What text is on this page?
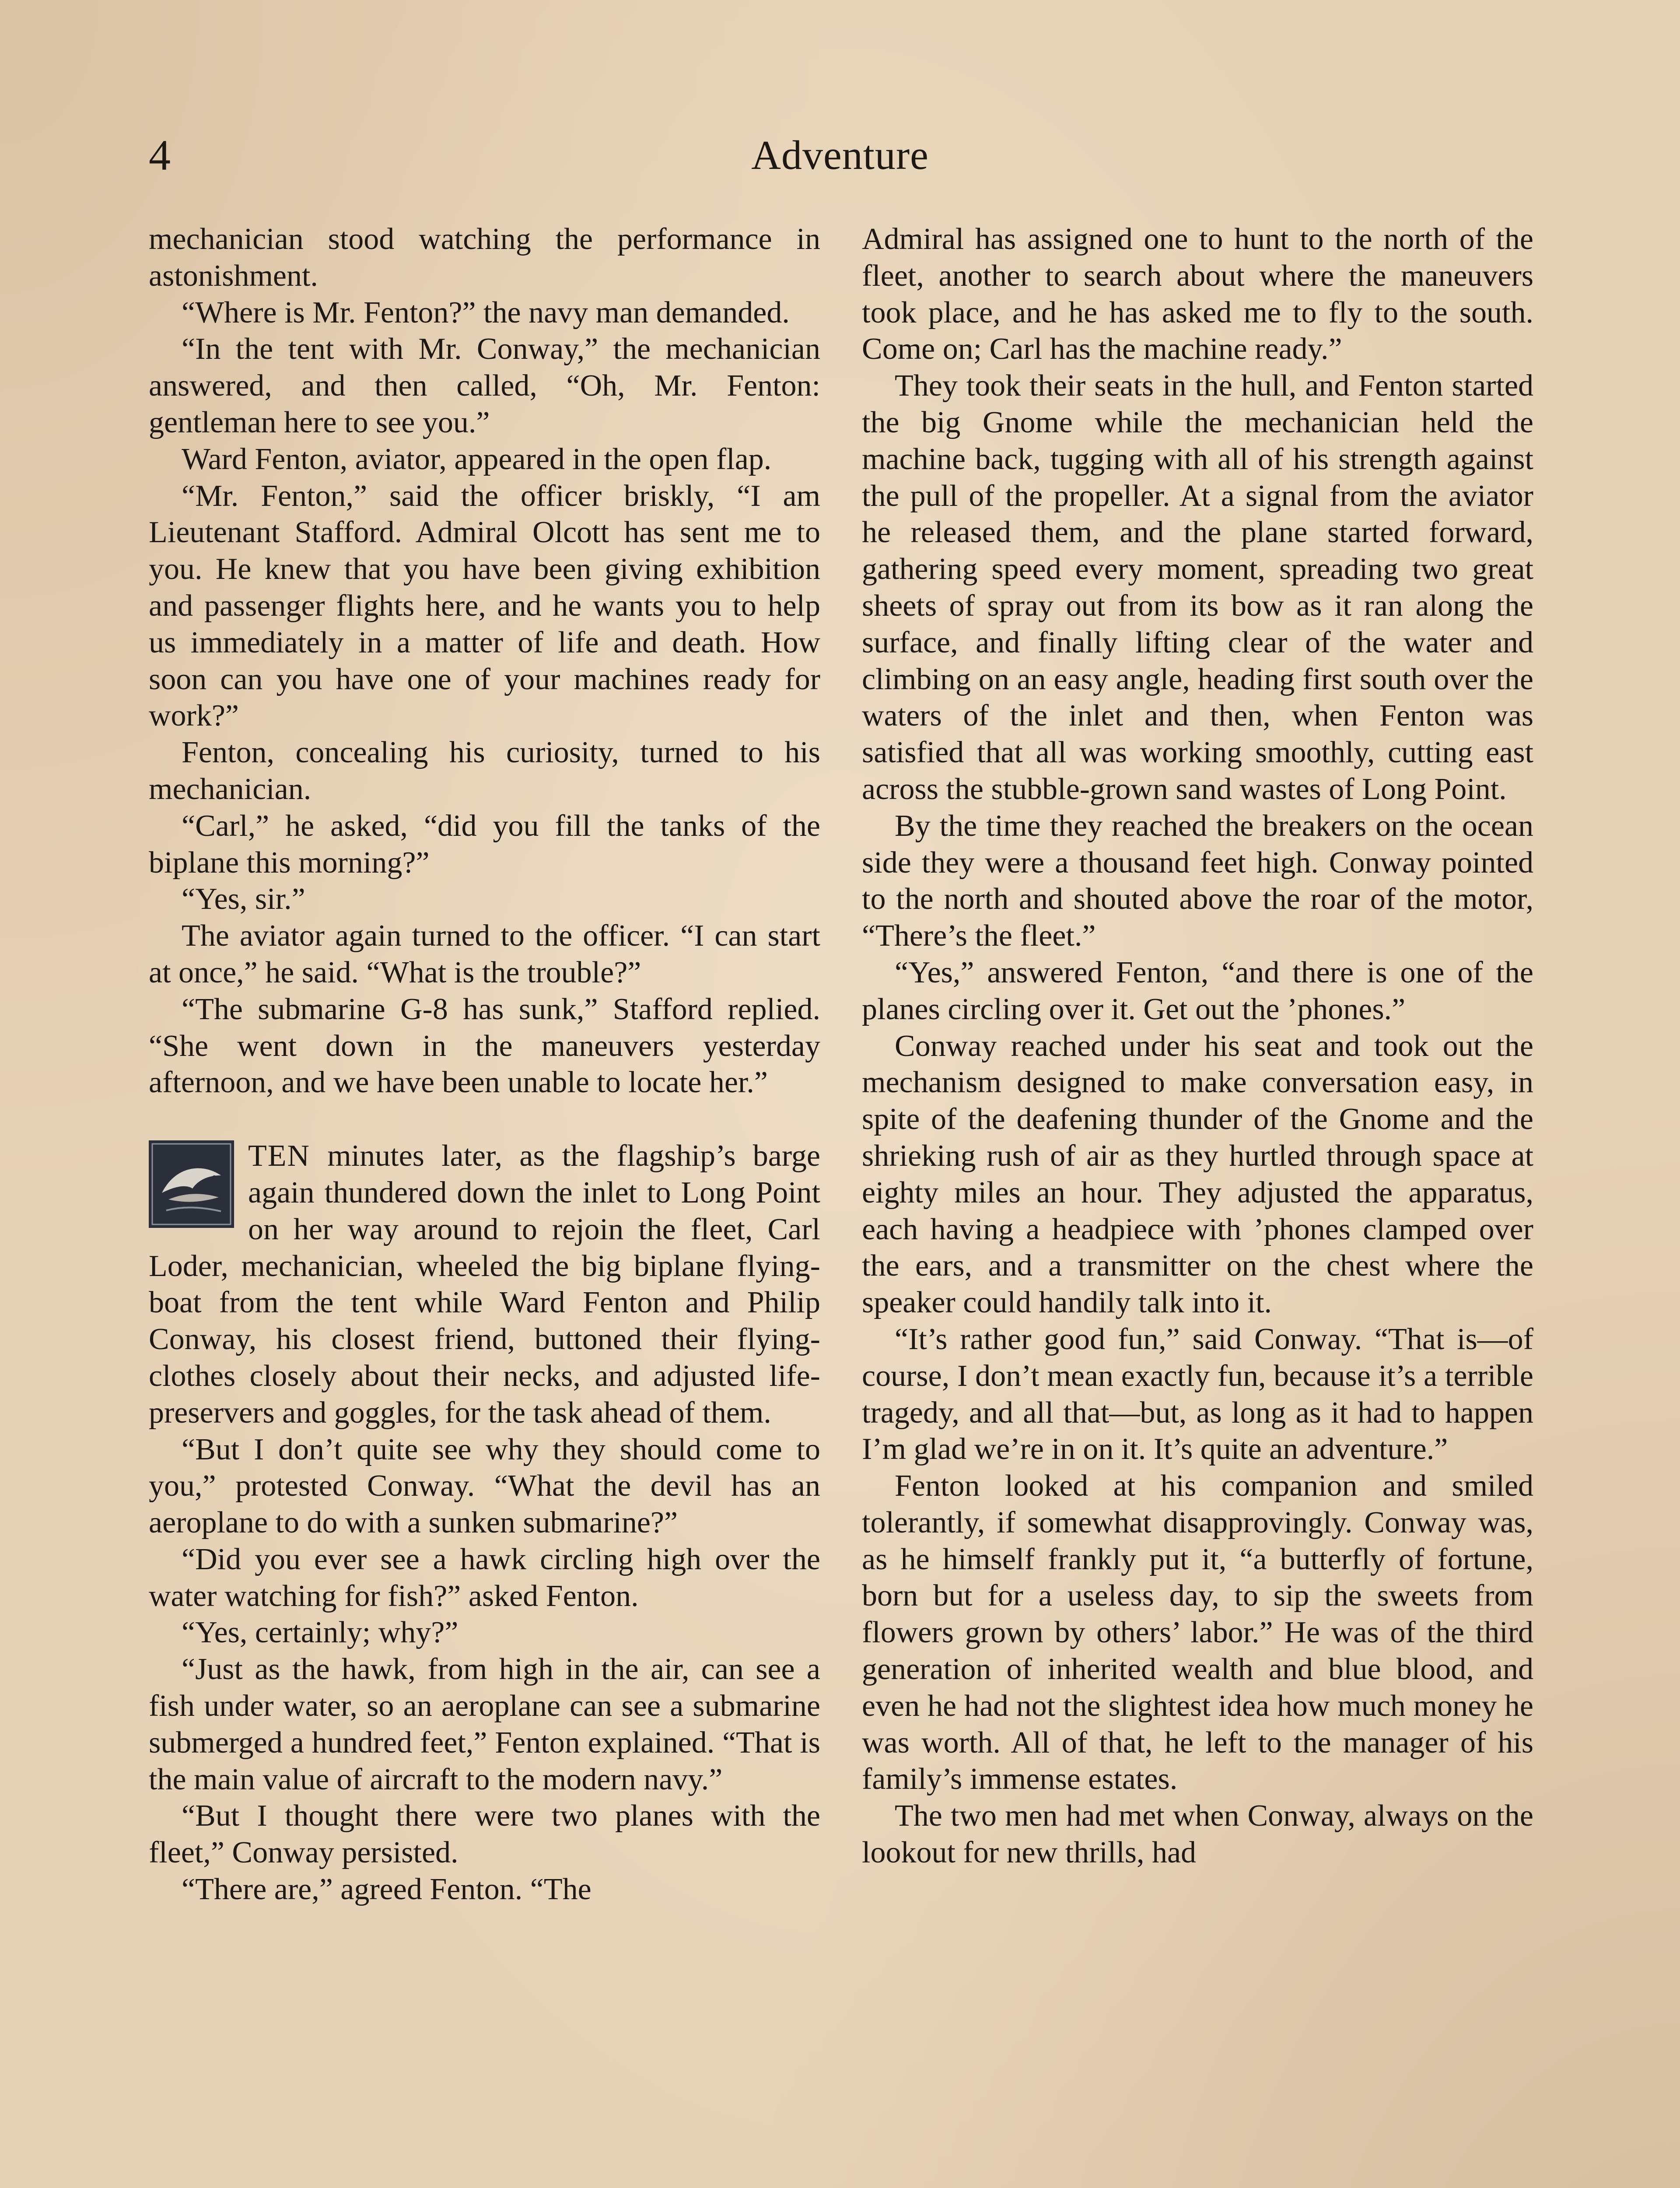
4	Adventure

mechanician stood watching the performance in astonishment.

“Where is Mr. Fenton?” the navy man demanded.

“In the tent with Mr. Conway,” the mechanician answered, and then called, “Oh, Mr. Fenton: gentleman here to see you.”

Ward Fenton, aviator, appeared in the open flap.

“Mr. Fenton,” said the officer briskly, “I am Lieutenant Stafford. Admiral Olcott has sent me to you. He knew that you have been giving exhibition and passenger flights here, and he wants you to help us immediately in a matter of life and death. How soon can you have one of your machines ready for work?”

Fenton, concealing his curiosity, turned to his mechanician.

“Carl,” he asked, “did you fill the tanks of the biplane this morning?”

“Yes, sir.”

The aviator again turned to the officer. “I can start at once,” he said. “What is the trouble?”

“The submarine G-8 has sunk,” Stafford replied. “She went down in the maneuvers yesterday afternoon, and we have been unable to locate her.”

TEN minutes later, as the flagship’s barge again thundered down the inlet to Long Point on her way around to rejoin the fleet, Carl Loder, mechanician, wheeled the big biplane flying-boat from the tent while Ward Fenton and Philip Conway, his closest friend, buttoned their flying-clothes closely about their necks, and adjusted life-preservers and goggles, for the task ahead of them.

“But I don’t quite see why they should come to you,” protested Conway. “What the devil has an aeroplane to do with a sunken submarine?”

“Did you ever see a hawk circling high over the water watching for fish?” asked Fenton.

“Yes, certainly; why?”

“Just as the hawk, from high in the air, can see a fish under water, so an aeroplane can see a submarine submerged a hundred feet,” Fenton explained. “That is the main value of aircraft to the modern navy.”

“But I thought there were two planes with the fleet,” Conway persisted.

“There are,” agreed Fenton. “The

Admiral has assigned one to hunt to the north of the fleet, another to search about where the maneuvers took place, and he has asked me to fly to the south. Come on; Carl has the machine ready.”

They took their seats in the hull, and Fenton started the big Gnome while the mechanician held the machine back, tugging with all of his strength against the pull of the propeller. At a signal from the aviator he released them, and the plane started forward, gathering speed every moment, spreading two great sheets of spray out from its bow as it ran along the surface, and finally lifting clear of the water and climbing on an easy angle, heading first south over the waters of the inlet and then, when Fenton was satisfied that all was working smoothly, cutting east across the stubble-grown sand wastes of Long Point.

By the time they reached the breakers on the ocean side they were a thousand feet high. Conway pointed to the north and shouted above the roar of the motor, “There’s the fleet.”

“Yes,” answered Fenton, “and there is one of the planes circling over it. Get out the ’phones.”

Conway reached under his seat and took out the mechanism designed to make conversation easy, in spite of the deafening thunder of the Gnome and the shrieking rush of air as they hurtled through space at eighty miles an hour. They adjusted the apparatus, each having a headpiece with ’phones clamped over the ears, and a transmitter on the chest where the speaker could handily talk into it.

“It’s rather good fun,” said Conway. “That is—of course, I don’t mean exactly fun, because it’s a terrible tragedy, and all that—but, as long as it had to happen I’m glad we’re in on it. It’s quite an adventure.”

Fenton looked at his companion and smiled tolerantly, if somewhat disapprovingly. Conway was, as he himself frankly put it, “a butterfly of fortune, born but for a useless day, to sip the sweets from flowers grown by others’ labor.” He was of the third generation of inherited wealth and blue blood, and even he had not the slightest idea how much money he was worth. All of that, he left to the manager of his family’s immense estates.

The two men had met when Conway, always on the lookout for new thrills, had
